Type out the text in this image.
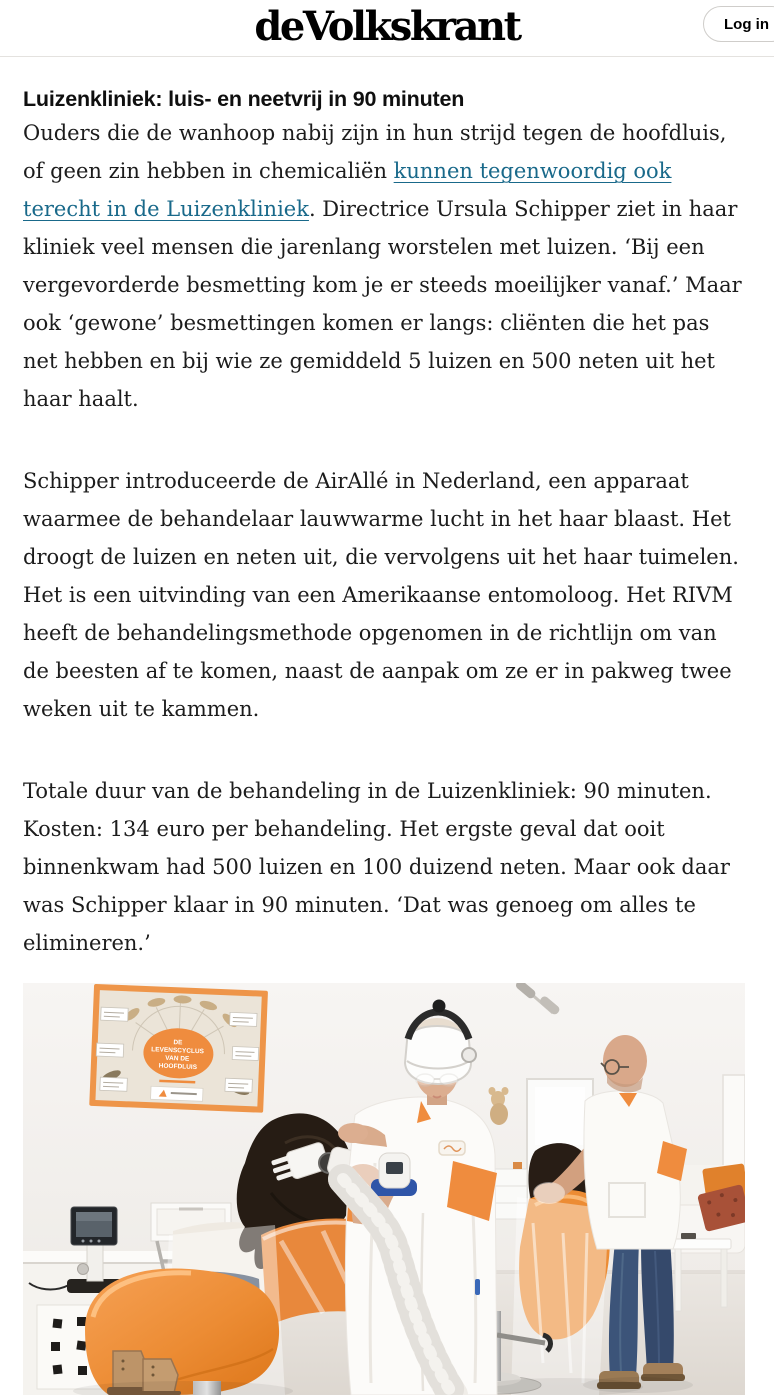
deVolkskrant	Log in
Luizenkliniek: luis- en neetvrij in 90 minuten

Ouders die de wanhoop nabij zijn in hun strijd tegen de hoofdluis, of geen zin hebben in chemicaliën kunnen tegenwoordig ook terecht in de Luizenkliniek. Directrice Ursula Schipper ziet in haar kliniek veel mensen die jarenlang worstelen met luizen. ‘Bij een vergevorderde besmetting kom je er steeds moeilijker vanaf.’ Maar ook ‘gewone’ besmettingen komen er langs: cliënten die het pas net hebben en bij wie ze gemiddeld 5 luizen en 500 neten uit het haar haalt.

Schipper introduceerde de AirAllé in Nederland, een apparaat waarmee de behandelaar lauwwarme lucht in het haar blaast. Het droogt de luizen en neten uit, die vervolgens uit het haar tuimelen. Het is een uitvinding van een Amerikaanse entomoloog. Het RIVM heeft de behandelingsmethode opgenomen in de richtlijn om van de beesten af te komen, naast de aanpak om ze er in pakweg twee weken uit te kammen.

Totale duur van de behandeling in de Luizenkliniek: 90 minuten. Kosten: 134 euro per behandeling. Het ergste geval dat ooit binnenkwam had 500 luizen en 100 duizend neten. Maar ook daar was Schipper klaar in 90 minuten. ‘Dat was genoeg om alles te elimineren.’

DE LEVENSCYCLUS VAN DE HOOFDLUIS
